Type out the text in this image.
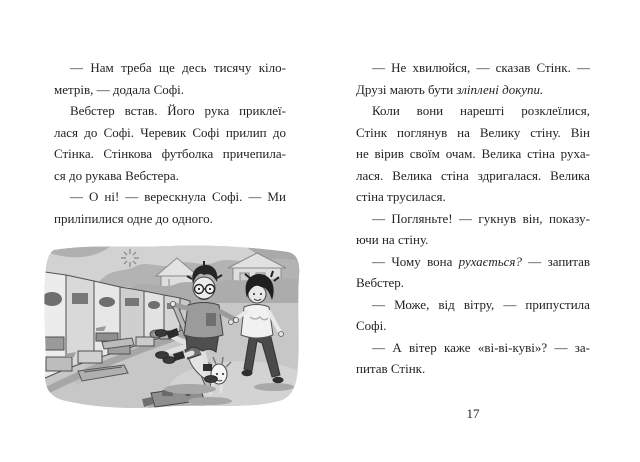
— Нам треба ще десь тисячу кіло-
метрів, — додала Софі.
Вебстер встав. Його рука приклеї-
лася до Софі. Черевик Софі прилип до
Стінка. Стінкова футболка причепила-
ся до рукава Вебстера.
— О ні! — верескнула Софі. — Ми
приліпилися одне до одного.
— Не хвилюйся, — сказав Стінк. —
Друзі мають бути зліплені докупи.
Коли вони нарешті розклеїлися,
Стінк поглянув на Велику стіну. Він
не вірив своїм очам. Велика стіна руха-
лася. Велика стіна здригалася. Велика
стіна трусилася.
— Погляньте! — гукнув він, показу-
ючи на стіну.
— Чому вона рухається? — запитав
Вебстер.
— Може, від вітру, — припустила
Софі.
— А вітер каже «ві-ві-куві»? — за-
питав Стінк.
17
